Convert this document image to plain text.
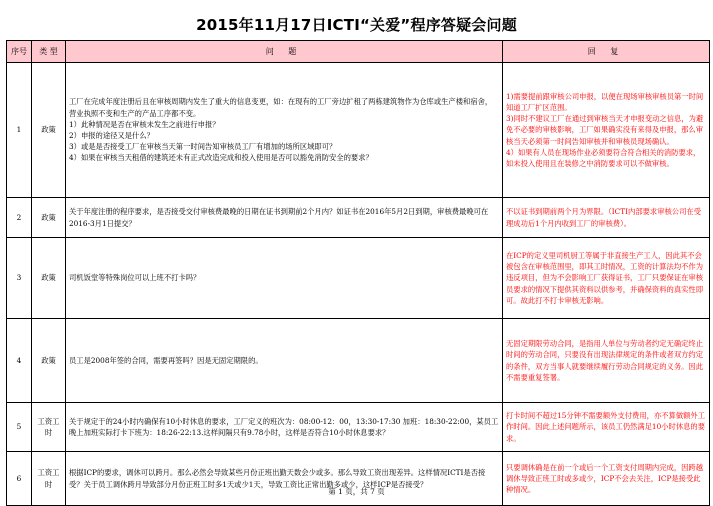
2015年11月17日ICTI“关爱”程序答疑会问题
序号	类 型	问 题	回 复
1	政策	工厂在完成年度注册后且在审核周期内发生了重大的信息变更，如：在现有的工厂旁边扩租了两栋建筑物作为仓库或生产楼和宿舍，营业执照不变和生产的产品工序都不变。
1）此种情况是否在审核未发生之前进行申报？
2）申报的途径又是什么？
3）或是是否接受工厂在审核当天第一时间告知审核员工厂有增加的场所区域即可？
4）如果在审核当天租借的建筑还未有正式改造完成和投入使用是否可以豁免消防安全的要求？	1)需要提前跟审核公司申报，以便在现场审核审核员第一时间知道工厂扩区范围。
3)同时不建议工厂在通过到审核当天才申报变动之信息，为避免不必要的审核影响，工厂如果确实没有来得及申报，那么审核当天必须第一时间告知审核并和审核员现场确认。
4）如果有人员在现场作业必须要符合符合相关的消防要求，如未投入使用且在装修之中消防要求可以不做审核。

2	政策	关于年度注册的程序要求，是否接受交付审核费最晚的日期在证书到期前2个月内？如证书在2016年5月2日到期，审核费最晚可在2016-3月1日提交？	不以证书到期前两个月为界限。（ICTI内部要求审核公司在受理成功后1个月内收到工厂的审核费）。

3	政策	司机饭堂等特殊岗位可以上班不打卡吗？	在ICP的定义里司机厨工等属于非直接生产工人，因此其不会被包含在审核范围里，即其工时情况，工资的计算法均不作为违反项目，但为不会影响工厂获得证书，工厂只要保证在审核员要求的情况下提供其资料以供参考，并确保资料的真实性即可。故此打不打卡审核无影响。

4	政策	员工是2008年签的合同，需要再签吗？因是无固定期限的。	无固定期限劳动合同，是指用人单位与劳动者约定无确定终止时间的劳动合同，只要没有出现法律规定的条件或者双方约定的条件，双方当事人就要继续履行劳动合同规定的义务。因此不需要重复签署。

5	工资工时	关于规定于的24小时内确保有10小时休息的要求，工厂定义的班次为：08:00-12：00，13:30-17:30 加班：18:30-22:00，某员工晚上加班实际打卡下班为：18:26-22:13.这样间隔只有9.78小时，这样是否符合10小时休息要求？	打卡时间不超过15分钟不需要额外支付费用，亦不算做额外工作时间。因此上述问题所示，该员工仍然满足10小时休息的要求。

6	工资工时	根据ICP的要求，调休可以跨月。那么必然会导致某些月份正班出勤天数会少或多。那么导致工资出现差异。这样情况ICTI是否接受？关于员工调休跨月导致部分月份正班工时多1天或少1天，导致工资比正常出勤多或少，这样ICP是否接受？	只要调休确是在前一个或后一个工资支付周期内完成，因跨越调休导致正班工时或多或少，ICP不会去关注，ICP是接受此种情况。
第 1 页，共 7 页
